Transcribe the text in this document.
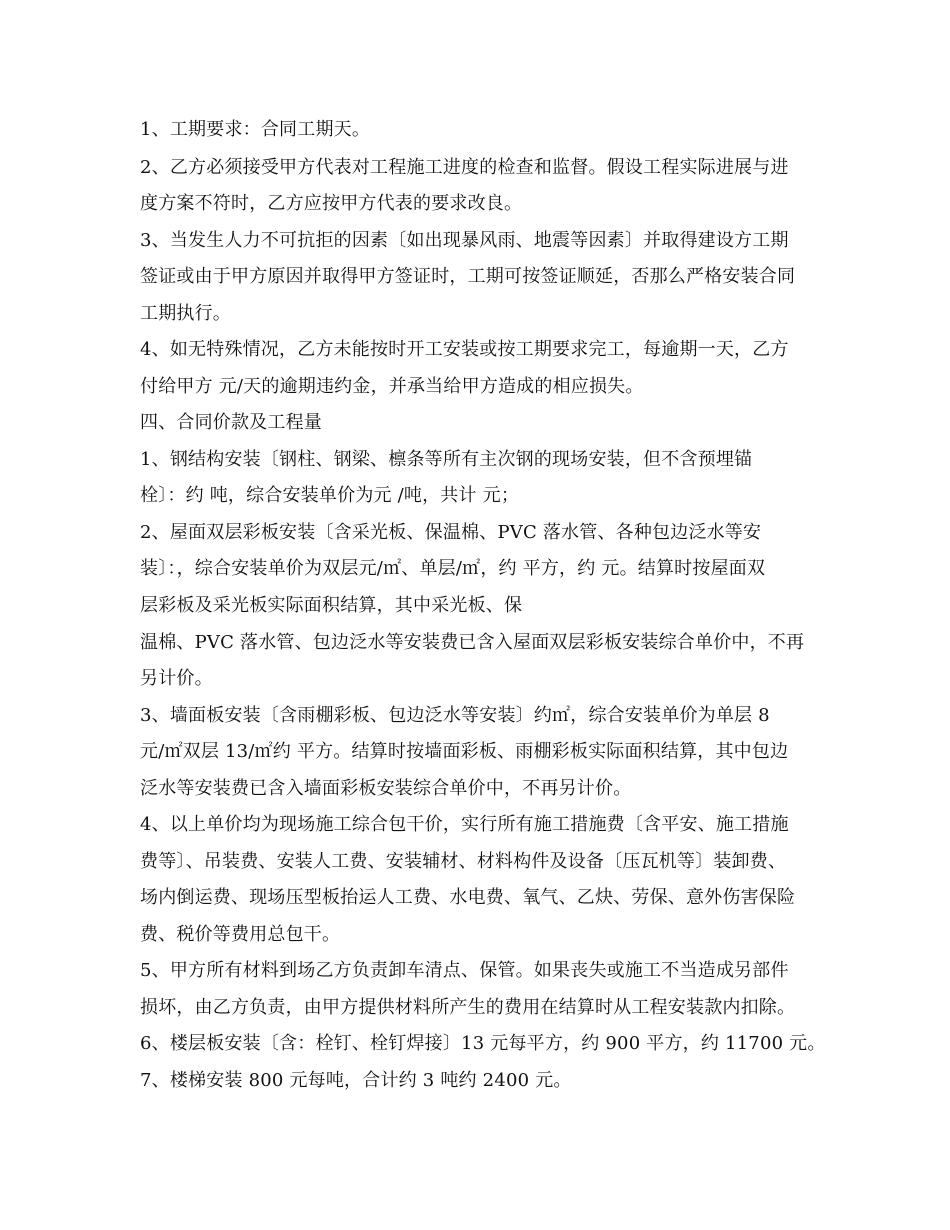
1、工期要求：合同工期天。
2、乙方必须接受甲方代表对工程施工进度的检查和监督。假设工程实际进展与进
度方案不符时，乙方应按甲方代表的要求改良。
3、当发生人力不可抗拒的因素〔如出现暴风雨、地震等因素〕并取得建设方工期
签证或由于甲方原因并取得甲方签证时，工期可按签证顺延，否那么严格安装合同
工期执行。
4、如无特殊情况，乙方未能按时开工安装或按工期要求完工，每逾期一天，乙方
付给甲方 元/天的逾期违约金，并承当给甲方造成的相应损失。
四、合同价款及工程量
1、钢结构安装〔钢柱、钢梁、檩条等所有主次钢的现场安装，但不含预埋锚
栓〕：约 吨，综合安装单价为元 /吨，共计 元；
2、屋面双层彩板安装〔含采光板、保温棉、PVC 落水管、各种包边泛水等安
装〕：，综合安装单价为双层元/㎡、单层/㎡，约 平方，约 元。结算时按屋面双
层彩板及采光板实际面积结算，其中采光板、保
温棉、PVC 落水管、包边泛水等安装费已含入屋面双层彩板安装综合单价中，不再
另计价。
3、墙面板安装〔含雨棚彩板、包边泛水等安装〕约㎡，综合安装单价为单层 8
元/㎡双层 13/㎡约 平方。结算时按墙面彩板、雨棚彩板实际面积结算，其中包边
泛水等安装费已含入墙面彩板安装综合单价中，不再另计价。
4、以上单价均为现场施工综合包干价，实行所有施工措施费〔含平安、施工措施
费等〕、吊装费、安装人工费、安装辅材、材料构件及设备〔压瓦机等〕装卸费、
场内倒运费、现场压型板抬运人工费、水电费、氧气、乙炔、劳保、意外伤害保险
费、税价等费用总包干。
5、甲方所有材料到场乙方负责卸车清点、保管。如果丧失或施工不当造成另部件
损坏，由乙方负责，由甲方提供材料所产生的费用在结算时从工程安装款内扣除。
6、楼层板安装〔含：栓钉、栓钉焊接〕13 元每平方，约 900 平方，约 11700 元。
7、楼梯安装 800 元每吨，合计约 3 吨约 2400 元。
